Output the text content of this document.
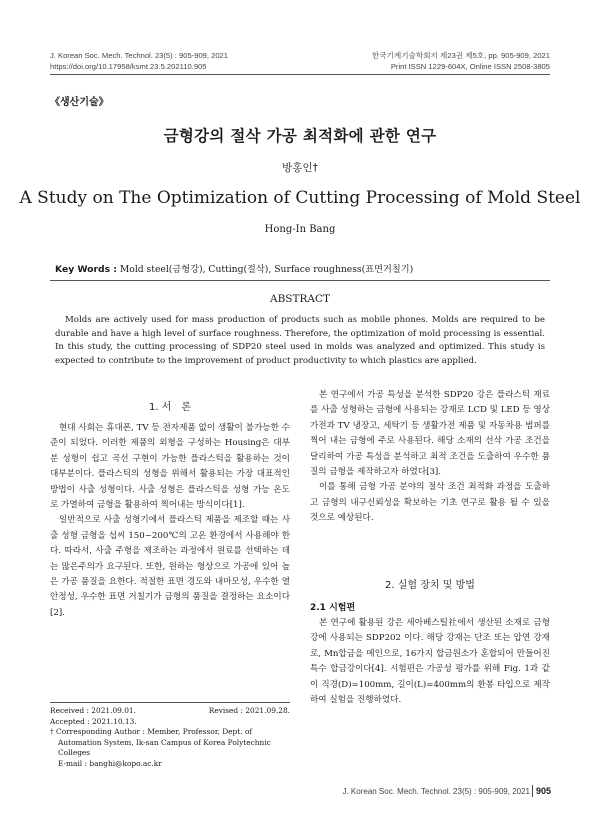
J. Korean Soc. Mech. Technol. 23(5) : 905-909, 2021
https://doi.org/10.17958/ksmt.23.5.202110.905
한국기계기술학회지 제23권 제5호, pp. 905-909, 2021
Print ISSN 1229-604X, Online ISSN 2508-3805
《생산기술》
금형강의 절삭 가공 최적화에 관한 연구
방홍인†
A Study on The Optimization of Cutting Processing of Mold Steel
Hong-In Bang
Key Words : Mold steel(금형강), Cutting(절삭), Surface roughness(표면거칠기)
ABSTRACT
Molds are actively used for mass production of products such as mobile phones. Molds are required to be durable and have a high level of surface roughness. Therefore, the optimization of mold processing is essential. In this study, the cutting processing of SDP20 steel used in molds was analyzed and optimized. This study is expected to contribute to the improvement of product productivity to which plastics are applied.
1. 서　론

현대 사회는 휴대폰, TV 등 전자제품 없이 생활이 불가능한 수준이 되었다. 이러한 제품의 외형을 구성하는 Housing은 대부분 성형이 쉽고 곡선 구현이 가능한 플라스틱을 활용하는 것이 대부분이다. 플라스틱의 성형을 위해서 활용되는 가장 대표적인 방법이 사출 성형이다. 사출 성형은 플라스틱을 성형 가능 온도로 가열하여 금형을 활용하여 찍어내는 방식이다[1].

일반적으로 사출 성형기에서 플라스틱 제품을 제조할 때는 사출 성형 금형을 섭씨 150~200℃의 고온 환경에서 사용해야 한다. 따라서, 사출 주형을 제조하는 과정에서 원료를 선택하는 데는 많은주의가 요구된다. 또한, 원하는 형상으로 가공에 있어 높은 가공 품질을 요한다. 적절한 표면 경도와 내마모성, 우수한 열 안정성, 우수한 표면 거칠기가 금형의 품질을 결정하는 요소이다[2].

Received : 2021.09.01.	Revised : 2021.09.28.
Accepted : 2021.10.13.
† Corresponding Author : Member, Professor, Dept. of Automation System, Ik-san Campus of Korea Polytechnic Colleges
E-mail : banghi@kopo.ac.kr

본 연구에서 가공 특성을 분석한 SDP20 강은 플라스틱 재료를 사출 성형하는 금형에 사용되는 강재로 LCD 및 LED 등 영상가전과 TV 냉장고, 세탁기 등 생활가전 제품 및 자동차용 범퍼를 찍어 내는 금형에 주로 사용된다. 해당 소재의 선삭 가공 조건을 달리하여 가공 특성을 분석하고 최적 조건을 도출하여 우수한 품질의 금형을 제작하고자 하였다[3].

이를 통해 금형 가공 분야의 절삭 조건 최적화 과정을 도출하고 금형의 내구신뢰성을 확보하는 기초 연구로 활용 될 수 있을 것으로 예상된다.

2. 실험 장치 및 방법
2.1 시험편

본 연구에 활용된 강은 세아베스틸社에서 생산된 소재로 금형강에 사용되는 SDP202 이다. 해당 강재는 단조 또는 압연 강재로, Mn합금을 메인으로, 16가지 합금원소가 혼합되어 만들어진 특수 합금강이다[4]. 시험편은 가공성 평가를 위해 Fig. 1과 같이 직경(D)=100mm, 길이(L)=400mm의 환봉 타입으로 제작하여 실험을 진행하였다.

J. Korean Soc. Mech. Technol. 23(5) : 905-909, 2021 905
